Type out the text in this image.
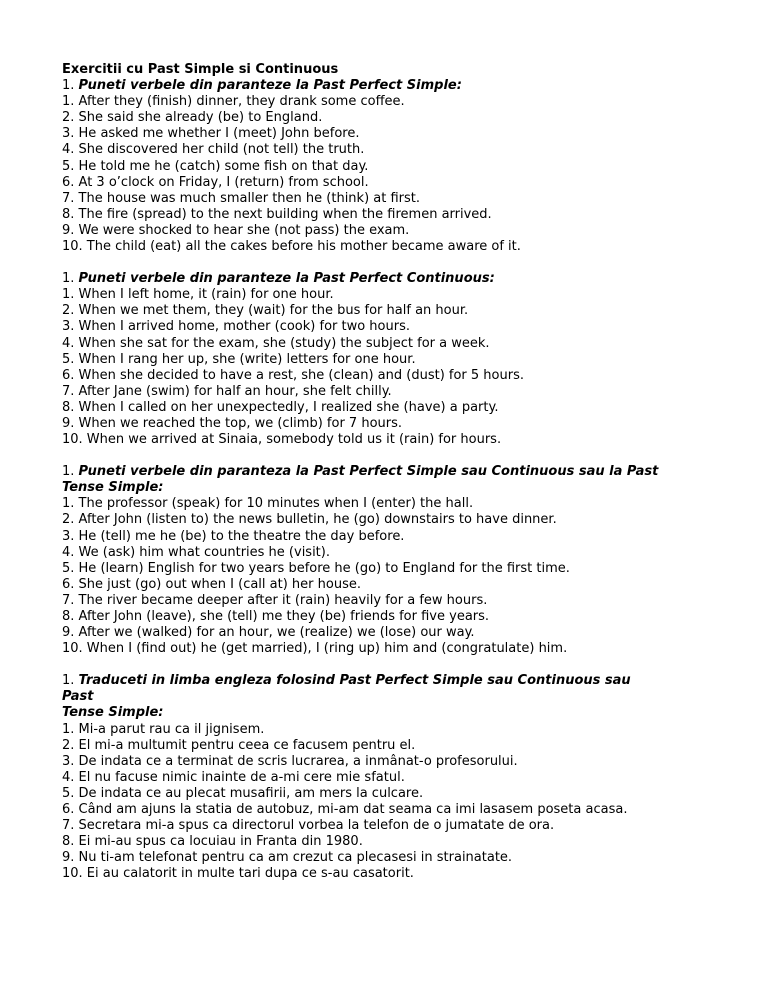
Exercitii cu Past Simple si Continuous
1. Puneti verbele din paranteze la Past Perfect Simple:
1. After they (finish) dinner, they drank some coffee.
2. She said she already (be) to England.
3. He asked me whether I (meet) John before.
4. She discovered her child (not tell) the truth.
5. He told me he (catch) some fish on that day.
6. At 3 o’clock on Friday, I (return) from school.
7. The house was much smaller then he (think) at first.
8. The fire (spread) to the next building when the firemen arrived.
9. We were shocked to hear she (not pass) the exam.
10. The child (eat) all the cakes before his mother became aware of it.
1. Puneti verbele din paranteze la Past Perfect Continuous:
1. When I left home, it (rain) for one hour.
2. When we met them, they (wait) for the bus for half an hour.
3. When I arrived home, mother (cook) for two hours.
4. When she sat for the exam, she (study) the subject for a week.
5. When I rang her up, she (write) letters for one hour.
6. When she decided to have a rest, she (clean) and (dust) for 5 hours.
7. After Jane (swim) for half an hour, she felt chilly.
8. When I called on her unexpectedly, I realized she (have) a party.
9. When we reached the top, we (climb) for 7 hours.
10. When we arrived at Sinaia, somebody told us it (rain) for hours.
1. Puneti verbele din paranteza la Past Perfect Simple sau Continuous sau la Past
Tense Simple:
1. The professor (speak) for 10 minutes when I (enter) the hall.
2. After John (listen to) the news bulletin, he (go) downstairs to have dinner.
3. He (tell) me he (be) to the theatre the day before.
4. We (ask) him what countries he (visit).
5. He (learn) English for two years before he (go) to England for the first time.
6. She just (go) out when I (call at) her house.
7. The river became deeper after it (rain) heavily for a few hours.
8. After John (leave), she (tell) me they (be) friends for five years.
9. After we (walked) for an hour, we (realize) we (lose) our way.
10. When I (find out) he (get married), I (ring up) him and (congratulate) him.
1. Traduceti in limba engleza folosind Past Perfect Simple sau Continuous sau
Past
Tense Simple:
1. Mi-a parut rau ca il jignisem.
2. El mi-a multumit pentru ceea ce facusem pentru el.
3. De indata ce a terminat de scris lucrarea, a inmânat-o profesorului.
4. El nu facuse nimic inainte de a-mi cere mie sfatul.
5. De indata ce au plecat musafirii, am mers la culcare.
6. Când am ajuns la statia de autobuz, mi-am dat seama ca imi lasasem poseta acasa.
7. Secretara mi-a spus ca directorul vorbea la telefon de o jumatate de ora.
8. Ei mi-au spus ca locuiau in Franta din 1980.
9. Nu ti-am telefonat pentru ca am crezut ca plecasesi in strainatate.
10. Ei au calatorit in multe tari dupa ce s-au casatorit.
